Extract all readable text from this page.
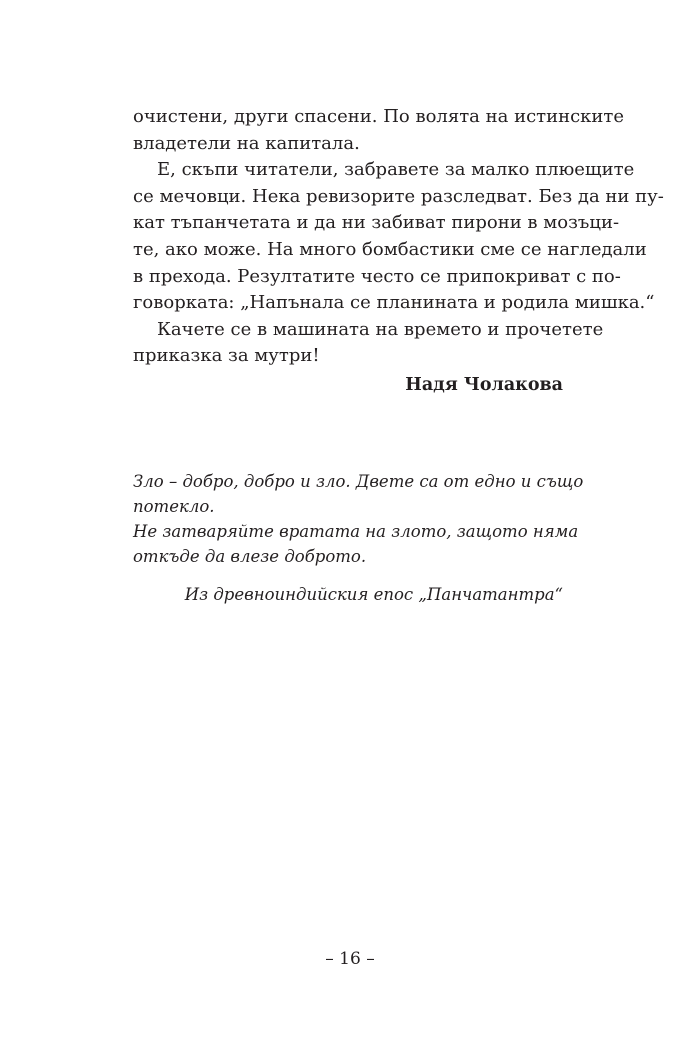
очистени, други спасени. По волята на истинските
владетели на капитала.
Е, скъпи читатели, забравете за малко плюещите
се мечовци. Нека ревизорите разследват. Без да ни пу-
кат тъпанчетата и да ни забиват пирони в мозъци-
те, ако може. На много бомбастики сме се нагледали
в прехода. Резултатите често се припокриват с по-
говорката: „Напънала се планината и родила мишка.“
Качете се в машината на времето и прочетете
приказка за мутри!
Надя Чолакова
Зло – добро, добро и зло. Двете са от едно и също
потекло.
Не затваряйте вратата на злото, защото няма
откъде да влезе доброто.
Из древноиндийския епос „Панчатантра“
– 16 –
